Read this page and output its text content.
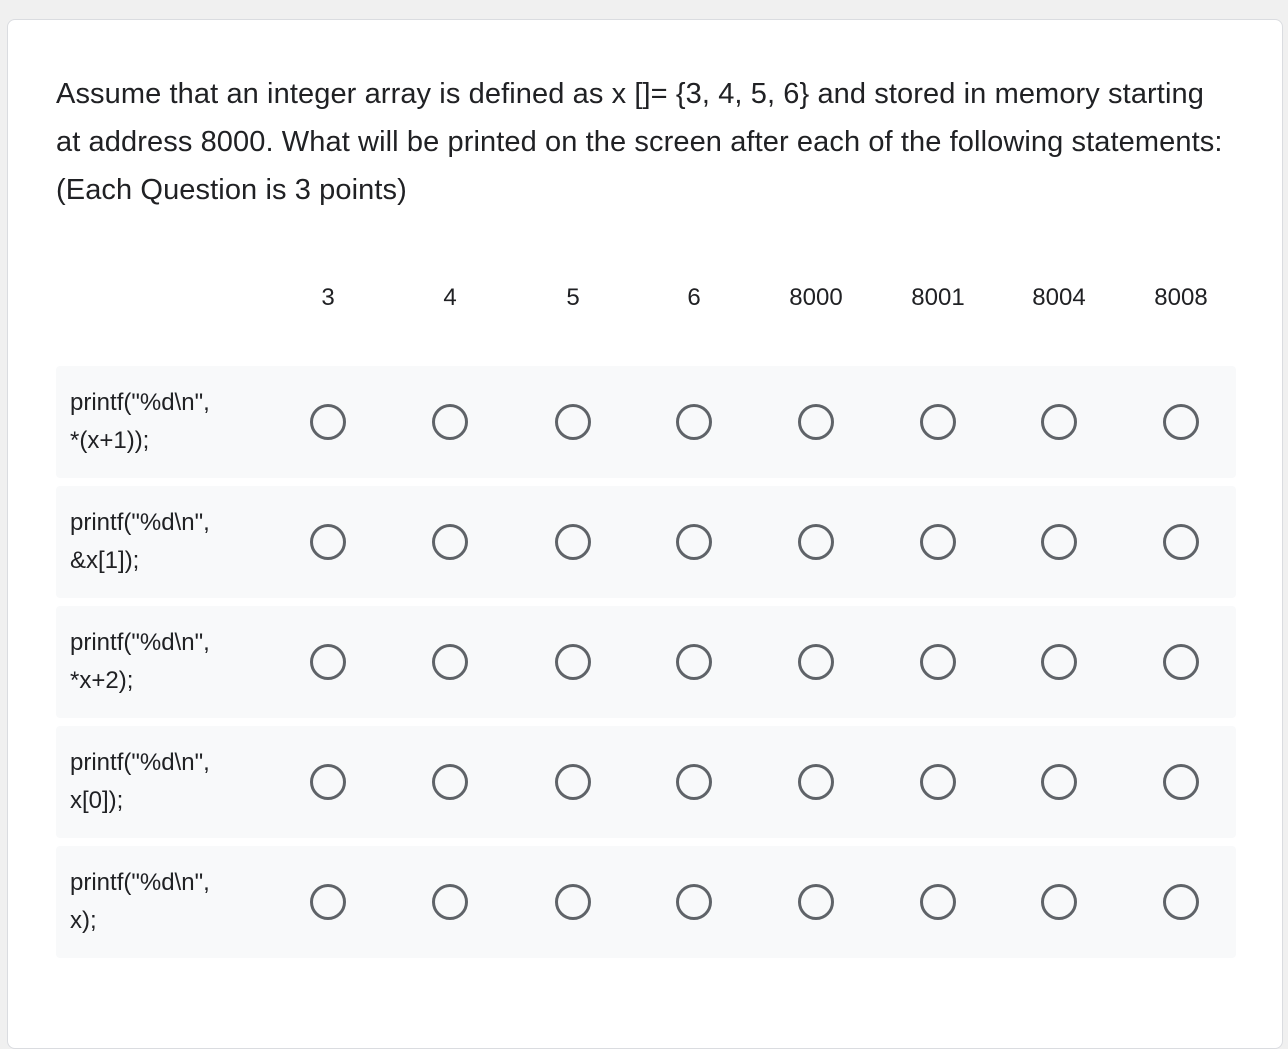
Assume that an integer array is defined as x []= {3, 4, 5, 6} and stored in memory starting at address 8000. What will be printed on the screen after each of the following statements: (Each Question is 3 points)
3	4	5	6	8000	8001	8004	8008
printf("%d\n",
*(x+1));
printf("%d\n",
&x[1]);
printf("%d\n",
*x+2);
printf("%d\n",
x[0]);
printf("%d\n",
x);
